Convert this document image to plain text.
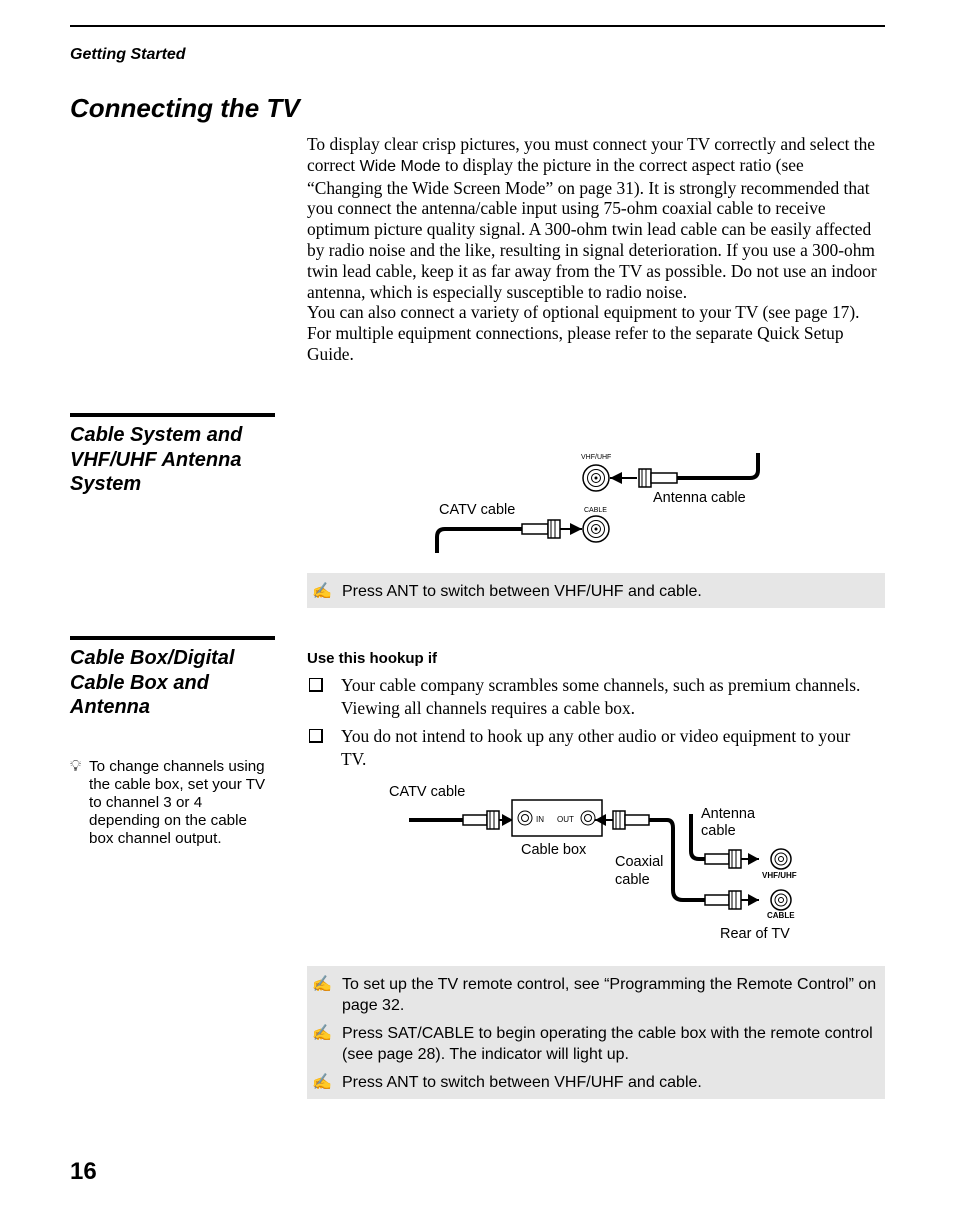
Getting Started
Connecting the TV

To display clear crisp pictures, you must connect your TV correctly and select the correct Wide Mode to display the picture in the correct aspect ratio (see “Changing the Wide Screen Mode” on page 31). It is strongly recommended that you connect the antenna/cable input using 75-ohm coaxial cable to receive optimum picture quality signal. A 300-ohm twin lead cable can be easily affected by radio noise and the like, resulting in signal deterioration. If you use a 300-ohm twin lead cable, keep it as far away from the TV as possible. Do not use an indoor antenna, which is especially susceptible to radio noise.

You can also connect a variety of optional equipment to your TV (see page 17). For multiple equipment connections, please refer to the separate Quick Setup Guide.

Cable System and VHF/UHF Antenna System
VHF/UHF
Antenna cable
CABLE
CATV cable
✍ Press ANT to switch between VHF/UHF and cable.
Cable Box/Digital Cable Box and Antenna
💡︎ To change channels using the cable box, set your TV to channel 3 or 4 depending on the cable box channel output.
Use this hookup if
Your cable company scrambles some channels, such as premium channels. Viewing all channels requires a cable box.
You do not intend to hook up any other audio or video equipment to your TV.
CATV cable
IN OUT
Cable box
Coaxial
cable
Antenna
cable
VHF/UHF
CABLE
Rear of TV
✍ To set up the TV remote control, see “Programming the Remote Control” on page 32.
✍ Press SAT/CABLE to begin operating the cable box with the remote control (see page 28). The indicator will light up.
✍ Press ANT to switch between VHF/UHF and cable.
16
